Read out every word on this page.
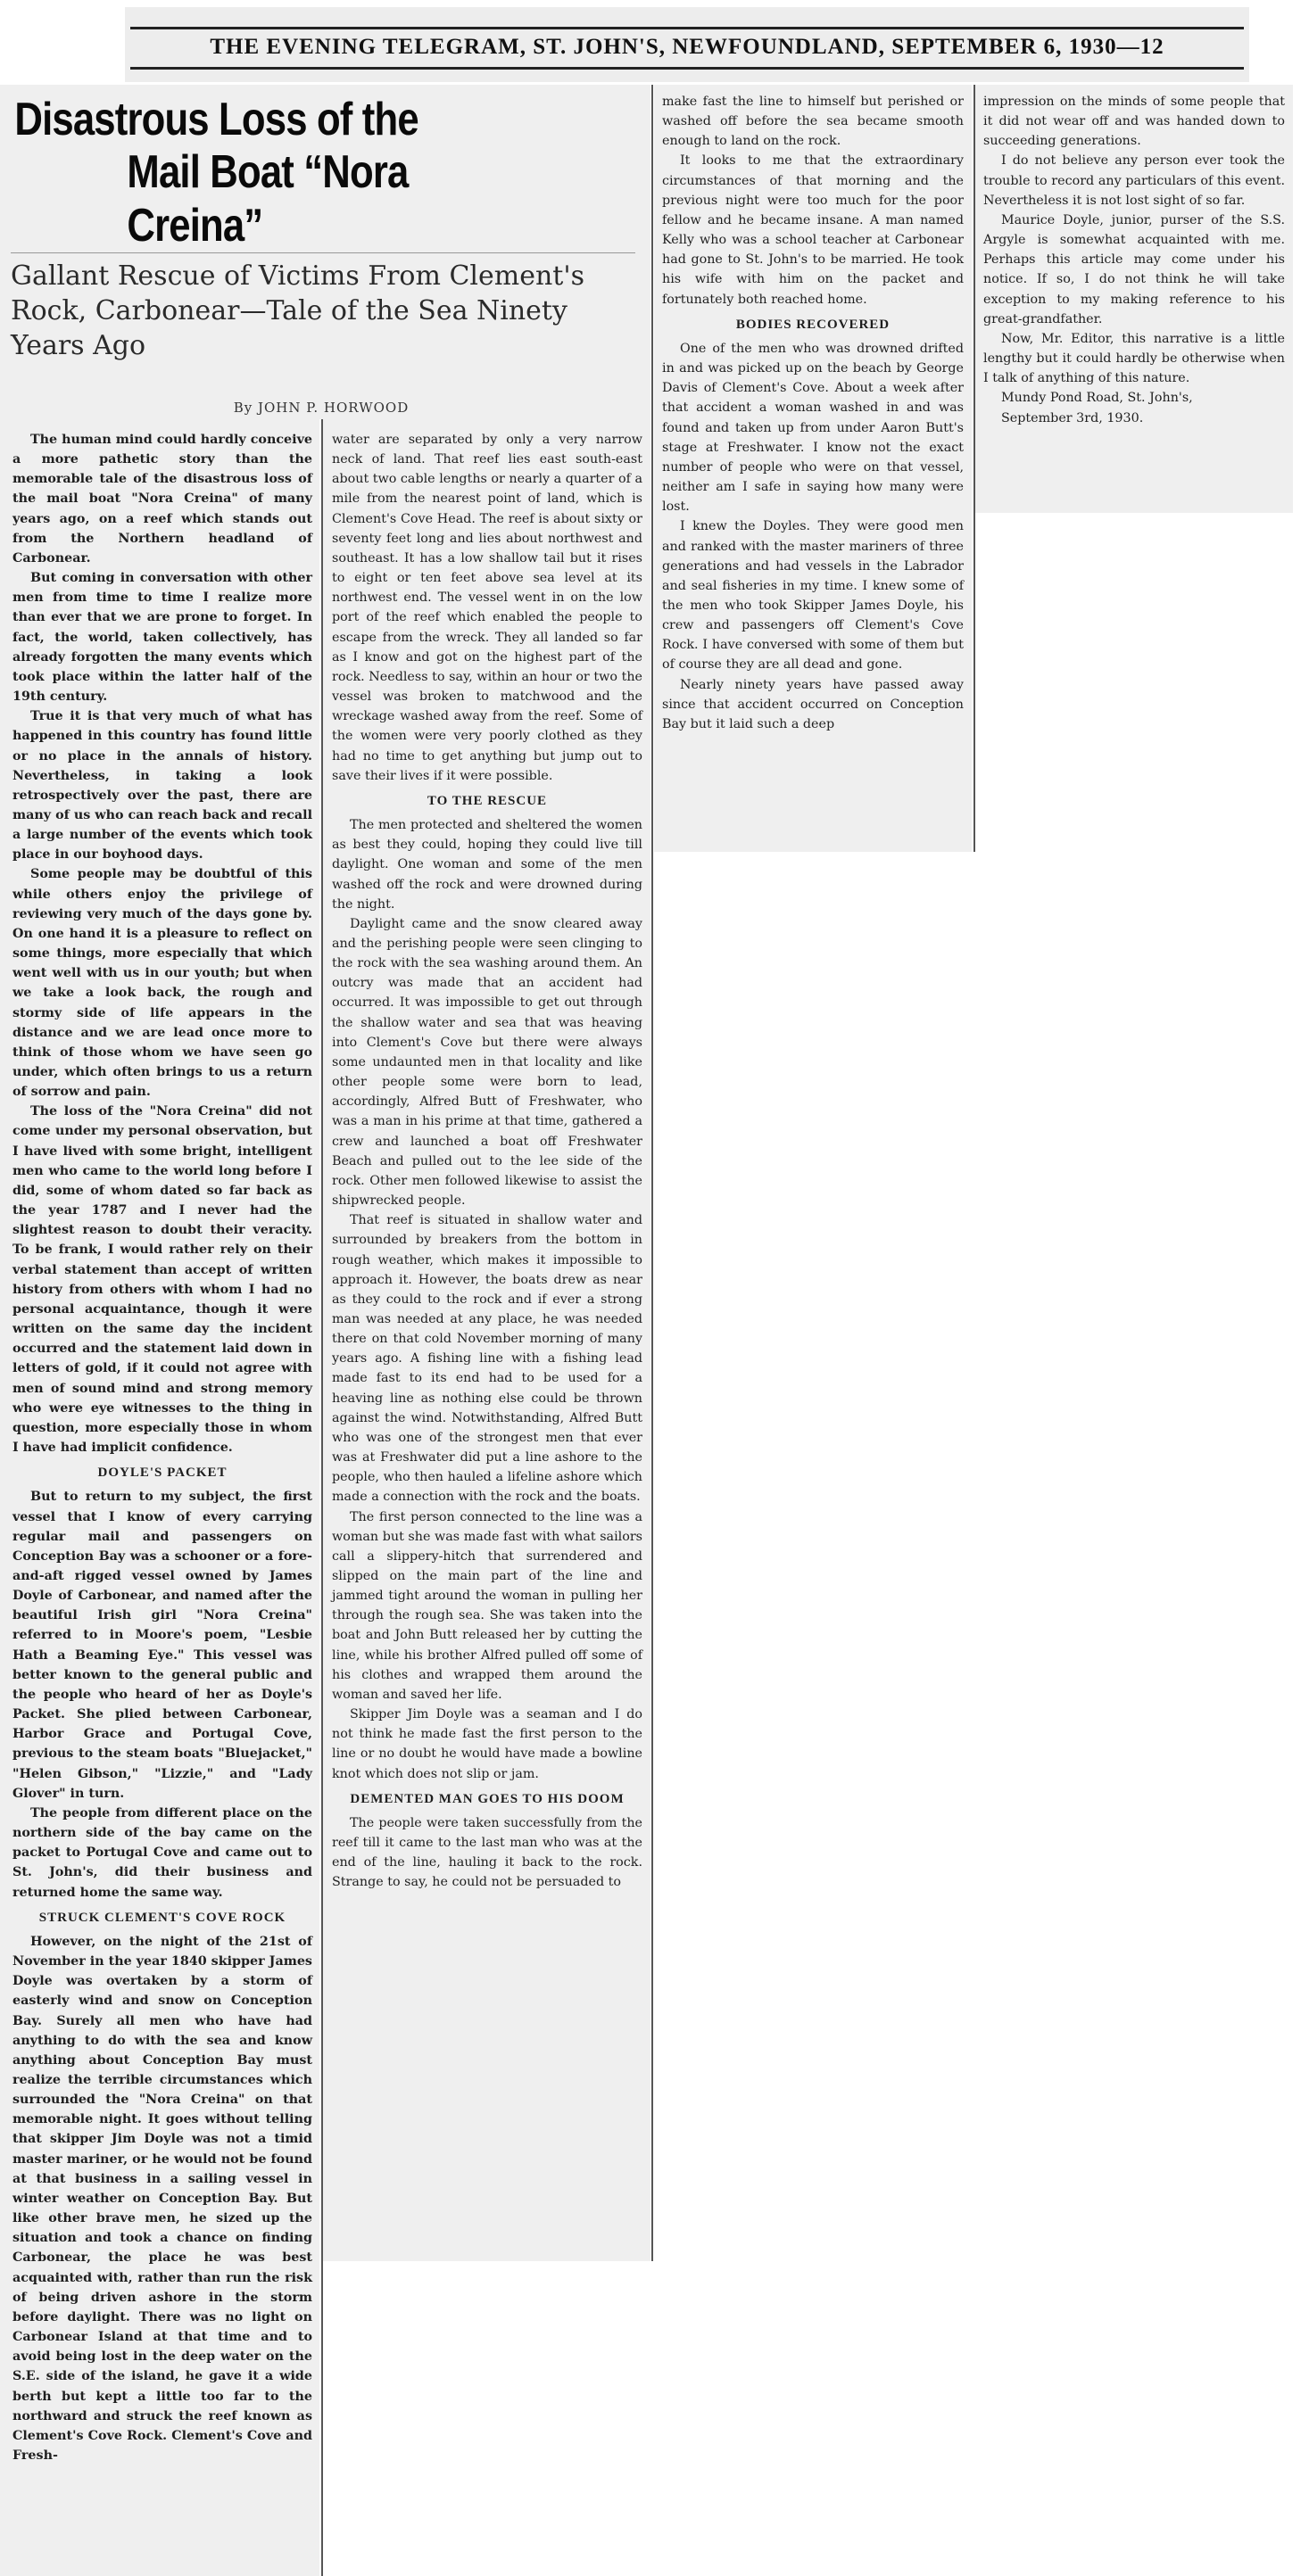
THE EVENING TELEGRAM, ST. JOHN'S, NEWFOUNDLAND, SEPTEMBER 6, 1930—12
Disastrous Loss of the
Mail Boat “Nora Creina”
Gallant Rescue of Victims From Clement's Rock, Carbonear—Tale of the Sea Ninety Years Ago
By JOHN P. HORWOOD

The human mind could hardly conceive a more pathetic story than the memorable tale of the disastrous loss of the mail boat "Nora Creina" of many years ago, on a reef which stands out from the Northern headland of Carbonear.

But coming in conversation with other men from time to time I realize more than ever that we are prone to forget. In fact, the world, taken collectively, has already forgotten the many events which took place within the latter half of the 19th century.

True it is that very much of what has happened in this country has found little or no place in the annals of history. Nevertheless, in taking a look retrospectively over the past, there are many of us who can reach back and recall a large number of the events which took place in our boyhood days.

Some people may be doubtful of this while others enjoy the privilege of reviewing very much of the days gone by. On one hand it is a pleasure to reflect on some things, more especially that which went well with us in our youth; but when we take a look back, the rough and stormy side of life appears in the distance and we are lead once more to think of those whom we have seen go under, which often brings to us a return of sorrow and pain.

The loss of the "Nora Creina" did not come under my personal observation, but I have lived with some bright, intelligent men who came to the world long before I did, some of whom dated so far back as the year 1787 and I never had the slightest reason to doubt their veracity. To be frank, I would rather rely on their verbal statement than accept of written history from others with whom I had no personal acquaintance, though it were written on the same day the incident occurred and the statement laid down in letters of gold, if it could not agree with men of sound mind and strong memory who were eye witnesses to the thing in question, more especially those in whom I have had implicit confidence.

DOYLE'S PACKET

But to return to my subject, the first vessel that I know of every carrying regular mail and passengers on Conception Bay was a schooner or a fore-and-aft rigged vessel owned by James Doyle of Carbonear, and named after the beautiful Irish girl "Nora Creina" referred to in Moore's poem, "Lesbie Hath a Beaming Eye." This vessel was better known to the general public and the people who heard of her as Doyle's Packet. She plied between Carbonear, Harbor Grace and Portugal Cove, previous to the steam boats "Bluejacket," "Helen Gibson," "Lizzie," and "Lady Glover" in turn.

The people from different place on the northern side of the bay came on the packet to Portugal Cove and came out to St. John's, did their business and returned home the same way.

STRUCK CLEMENT'S COVE ROCK

However, on the night of the 21st of November in the year 1840 skipper James Doyle was overtaken by a storm of easterly wind and snow on Conception Bay. Surely all men who have had anything to do with the sea and know anything about Conception Bay must realize the terrible circumstances which surrounded the "Nora Creina" on that memorable night. It goes without telling that skipper Jim Doyle was not a timid master mariner, or he would not be found at that business in a sailing vessel in winter weather on Conception Bay. But like other brave men, he sized up the situation and took a chance on finding Carbonear, the place he was best acquainted with, rather than run the risk of being driven ashore in the storm before daylight. There was no light on Carbonear Island at that time and to avoid being lost in the deep water on the S.E. side of the island, he gave it a wide berth but kept a little too far to the northward and struck the reef known as Clement's Cove Rock. Clement's Cove and Fresh-

water are separated by only a very narrow neck of land. That reef lies east south-east about two cable lengths or nearly a quarter of a mile from the nearest point of land, which is Clement's Cove Head. The reef is about sixty or seventy feet long and lies about northwest and southeast. It has a low shallow tail but it rises to eight or ten feet above sea level at its northwest end. The vessel went in on the low port of the reef which enabled the people to escape from the wreck. They all landed so far as I know and got on the highest part of the rock. Needless to say, within an hour or two the vessel was broken to matchwood and the wreckage washed away from the reef. Some of the women were very poorly clothed as they had no time to get anything but jump out to save their lives if it were possible.

TO THE RESCUE

The men protected and sheltered the women as best they could, hoping they could live till daylight. One woman and some of the men washed off the rock and were drowned during the night.

Daylight came and the snow cleared away and the perishing people were seen clinging to the rock with the sea washing around them. An outcry was made that an accident had occurred. It was impossible to get out through the shallow water and sea that was heaving into Clement's Cove but there were always some undaunted men in that locality and like other people some were born to lead, accordingly, Alfred Butt of Freshwater, who was a man in his prime at that time, gathered a crew and launched a boat off Freshwater Beach and pulled out to the lee side of the rock. Other men followed likewise to assist the shipwrecked people.

That reef is situated in shallow water and surrounded by breakers from the bottom in rough weather, which makes it impossible to approach it. However, the boats drew as near as they could to the rock and if ever a strong man was needed at any place, he was needed there on that cold November morning of many years ago. A fishing line with a fishing lead made fast to its end had to be used for a heaving line as nothing else could be thrown against the wind. Notwithstanding, Alfred Butt who was one of the strongest men that ever was at Freshwater did put a line ashore to the people, who then hauled a lifeline ashore which made a connection with the rock and the boats.

The first person connected to the line was a woman but she was made fast with what sailors call a slippery-hitch that surrendered and slipped on the main part of the line and jammed tight around the woman in pulling her through the rough sea. She was taken into the boat and John Butt released her by cutting the line, while his brother Alfred pulled off some of his clothes and wrapped them around the woman and saved her life.

Skipper Jim Doyle was a seaman and I do not think he made fast the first person to the line or no doubt he would have made a bowline knot which does not slip or jam.

DEMENTED MAN GOES TO HIS DOOM

The people were taken successfully from the reef till it came to the last man who was at the end of the line, hauling it back to the rock. Strange to say, he could not be persuaded to

make fast the line to himself but perished or washed off before the sea became smooth enough to land on the rock.

It looks to me that the extraordinary circumstances of that morning and the previous night were too much for the poor fellow and he became insane. A man named Kelly who was a school teacher at Carbonear had gone to St. John's to be married. He took his wife with him on the packet and fortunately both reached home.

BODIES RECOVERED

One of the men who was drowned drifted in and was picked up on the beach by George Davis of Clement's Cove. About a week after that accident a woman washed in and was found and taken up from under Aaron Butt's stage at Freshwater. I know not the exact number of people who were on that vessel, neither am I safe in saying how many were lost.

I knew the Doyles. They were good men and ranked with the master mariners of three generations and had vessels in the Labrador and seal fisheries in my time. I knew some of the men who took Skipper James Doyle, his crew and passengers off Clement's Cove Rock. I have conversed with some of them but of course they are all dead and gone.

Nearly ninety years have passed away since that accident occurred on Conception Bay but it laid such a deep

impression on the minds of some people that it did not wear off and was handed down to succeeding generations.

I do not believe any person ever took the trouble to record any particulars of this event. Nevertheless it is not lost sight of so far.

Maurice Doyle, junior, purser of the S.S. Argyle is somewhat acquainted with me. Perhaps this article may come under his notice. If so, I do not think he will take exception to my making reference to his great-grandfather.

Now, Mr. Editor, this narrative is a little lengthy but it could hardly be otherwise when I talk of anything of this nature.

Mundy Pond Road, St. John's,

September 3rd, 1930.
